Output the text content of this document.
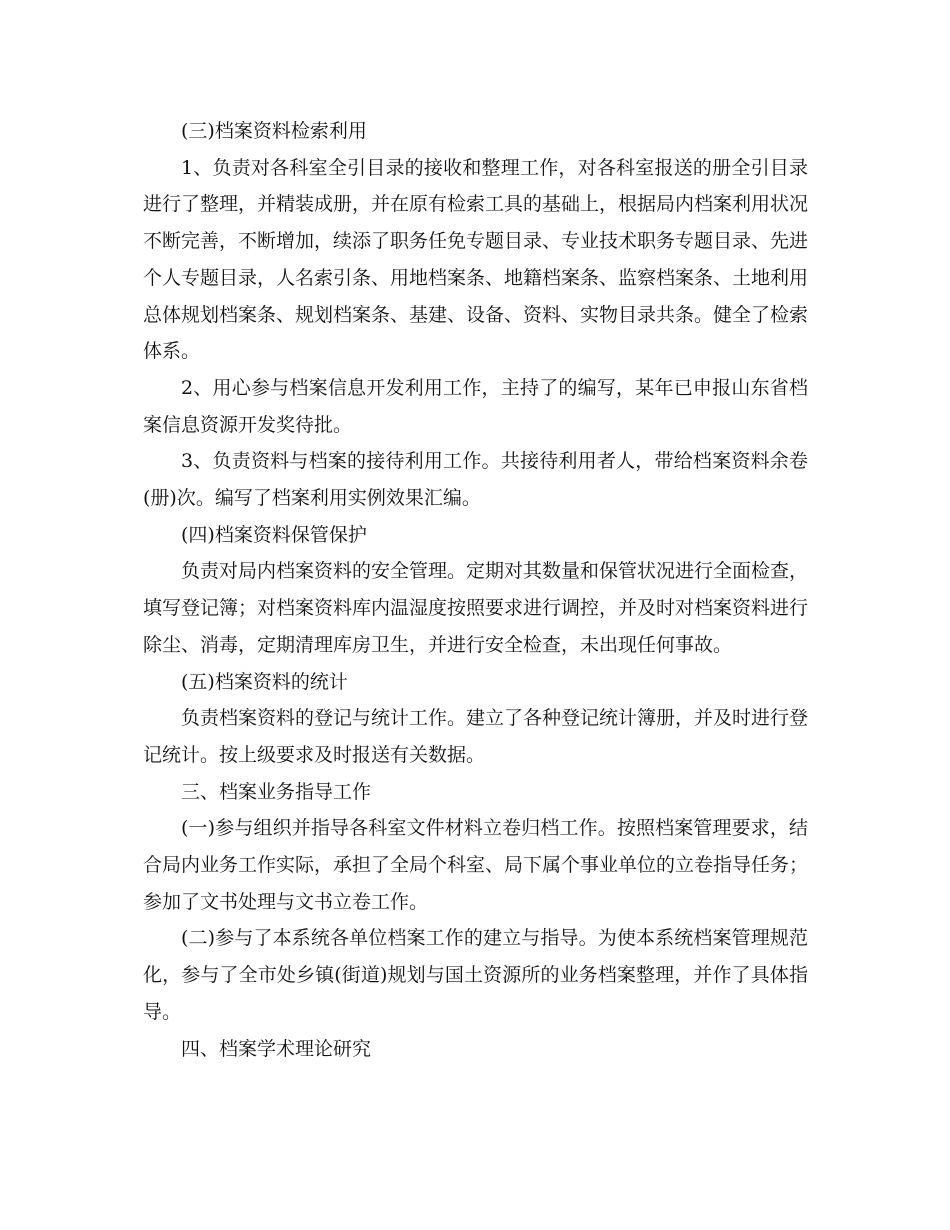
(三)档案资料检索利用

1、负责对各科室全引目录的接收和整理工作，对各科室报送的册全引目录进行了整理，并精装成册，并在原有检索工具的基础上，根据局内档案利用状况不断完善，不断增加，续添了职务任免专题目录、专业技术职务专题目录、先进个人专题目录，人名索引条、用地档案条、地籍档案条、监察档案条、土地利用总体规划档案条、规划档案条、基建、设备、资料、实物目录共条。健全了检索体系。

2、用心参与档案信息开发利用工作，主持了的编写，某年已申报山东省档案信息资源开发奖待批。

3、负责资料与档案的接待利用工作。共接待利用者人，带给档案资料余卷(册)次。编写了档案利用实例效果汇编。

(四)档案资料保管保护

负责对局内档案资料的安全管理。定期对其数量和保管状况进行全面检查，填写登记簿；对档案资料库内温湿度按照要求进行调控，并及时对档案资料进行除尘、消毒，定期清理库房卫生，并进行安全检查，未出现任何事故。

(五)档案资料的统计

负责档案资料的登记与统计工作。建立了各种登记统计簿册，并及时进行登记统计。按上级要求及时报送有关数据。

三、档案业务指导工作

(一)参与组织并指导各科室文件材料立卷归档工作。按照档案管理要求，结合局内业务工作实际，承担了全局个科室、局下属个事业单位的立卷指导任务；参加了文书处理与文书立卷工作。

(二)参与了本系统各单位档案工作的建立与指导。为使本系统档案管理规范化，参与了全市处乡镇(街道)规划与国土资源所的业务档案整理，并作了具体指导。

四、档案学术理论研究
